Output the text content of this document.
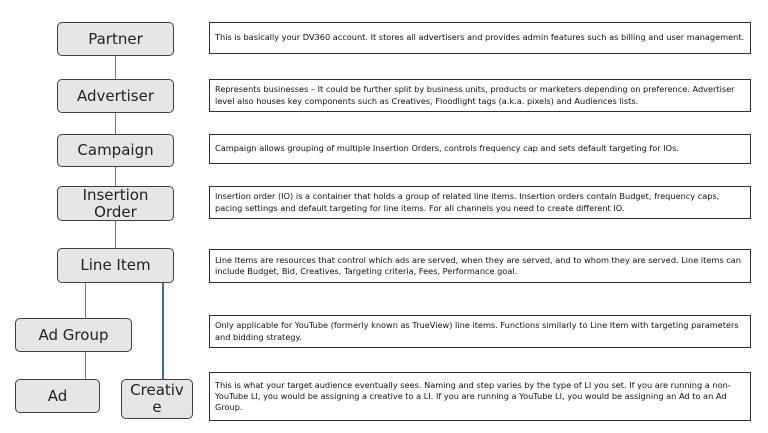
Partner
Advertiser
Campaign
Insertion
Order
Line Item
Ad Group
Ad	Creativ
e
This is basically your DV360 account. It stores all advertisers and provides admin features such as billing and user management.
Represents businesses – It could be further split by business units, products or marketers depending on preference. Advertiser level also houses key components such as Creatives, Floodlight tags (a.k.a. pixels) and Audiences lists.
Campaign allows grouping of multiple Insertion Orders, controls frequency cap and sets default targeting for IOs.
Insertion order (IO) is a container that holds a group of related line items. Insertion orders contain Budget, frequency caps, pacing settings and default targeting for line items. For all channels you need to create different IO.
Line Items are resources that control which ads are served, when they are served, and to whom they are served. Line items can include Budget, Bid, Creatives, Targeting criteria, Fees, Performance goal.
Only applicable for YouTube (formerly known as TrueView) line items. Functions similarly to Line Item with targeting parameters and bidding strategy.
This is what your target audience eventually sees. Naming and step varies by the type of LI you set. If you are running a non-YouTube LI, you would be assigning a creative to a LI. If you are running a YouTube LI, you would be assigning an Ad to an Ad Group.
